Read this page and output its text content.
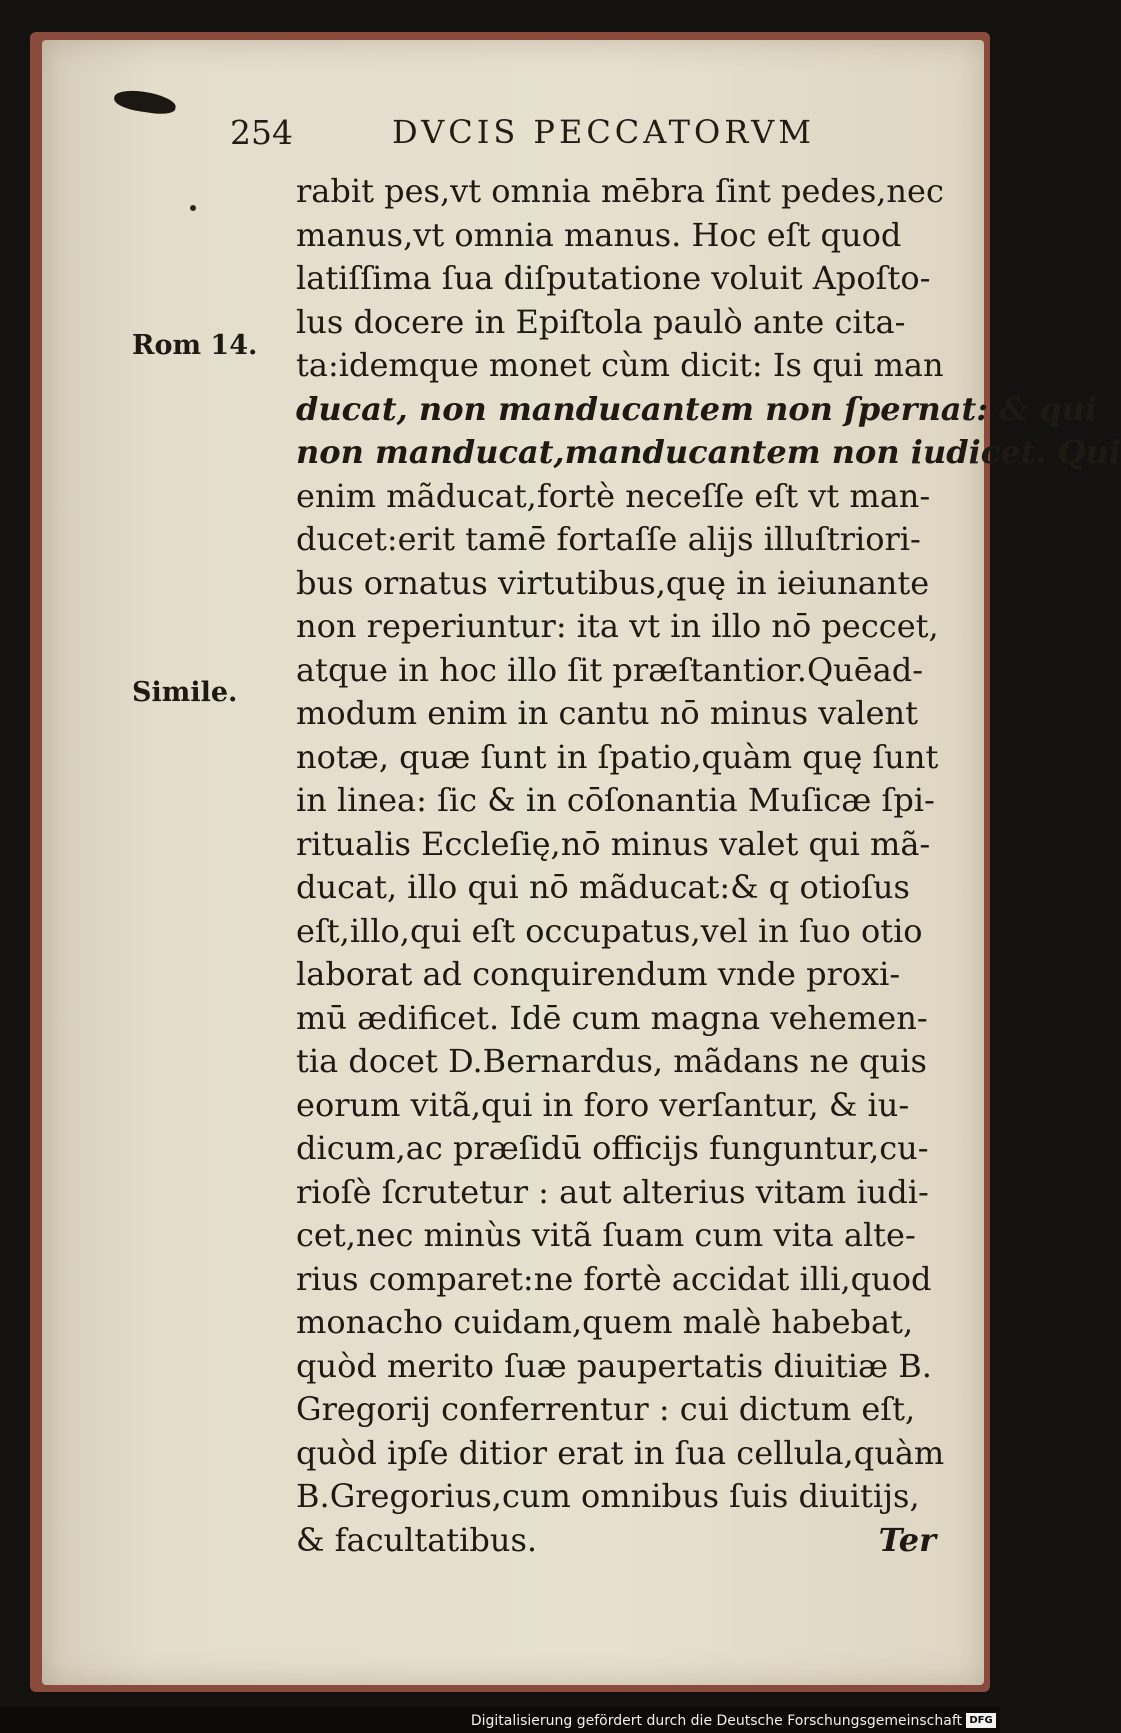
254	DVCIS PECCATORVM
Rom 14.
Simile.
rabit pes,vt omnia mēbra ſint pedes,nec
manus,vt omnia manus. Hoc eſt quod
latiſſima ſua diſputatione voluit Apoſto-
lus docere in Epiſtola paulò ante cita-
ta:idemque monet cùm dicit: Is qui man
ducat, non manducantem non ſpernat: & qui
non manducat,manducantem non iudicet. Qui
enim mãducat,fortè neceſſe eſt vt man-
ducet:erit tamē fortaſſe alijs illuſtriori-
bus ornatus virtutibus,quę in ieiunante
non reperiuntur: ita vt in illo nō peccet,
atque in hoc illo ſit præſtantior.Quēad-
modum enim in cantu nō minus valent
notæ, quæ ſunt in ſpatio,quàm quę ſunt
in linea: ſic & in cōſonantia Muſicæ ſpi-
ritualis Eccleſię,nō minus valet qui mã-
ducat, illo qui nō mãducat:& q otioſus
eſt,illo,qui eſt occupatus,vel in ſuo otio
laborat ad conquirendum vnde proxi-
mū ædificet. Idē cum magna vehemen-
tia docet D.Bernardus, mãdans ne quis
eorum vitã,qui in foro verſantur, & iu-
dicum,ac præſidū officijs funguntur,cu-
rioſè ſcrutetur : aut alterius vitam iudi-
cet,nec minùs vitã ſuam cum vita alte-
rius comparet:ne fortè accidat illi,quod
monacho cuidam,quem malè habebat,
quòd merito ſuæ paupertatis diuitiæ B.
Gregorij conferrentur : cui dictum eſt,
quòd ipſe ditior erat in ſua cellula,quàm
B.Gregorius,cum omnibus ſuis diuitijs,
& facultatibus.	Ter
Digitalisierung gefördert durch die Deutsche Forschungsgemeinschaft DFG
